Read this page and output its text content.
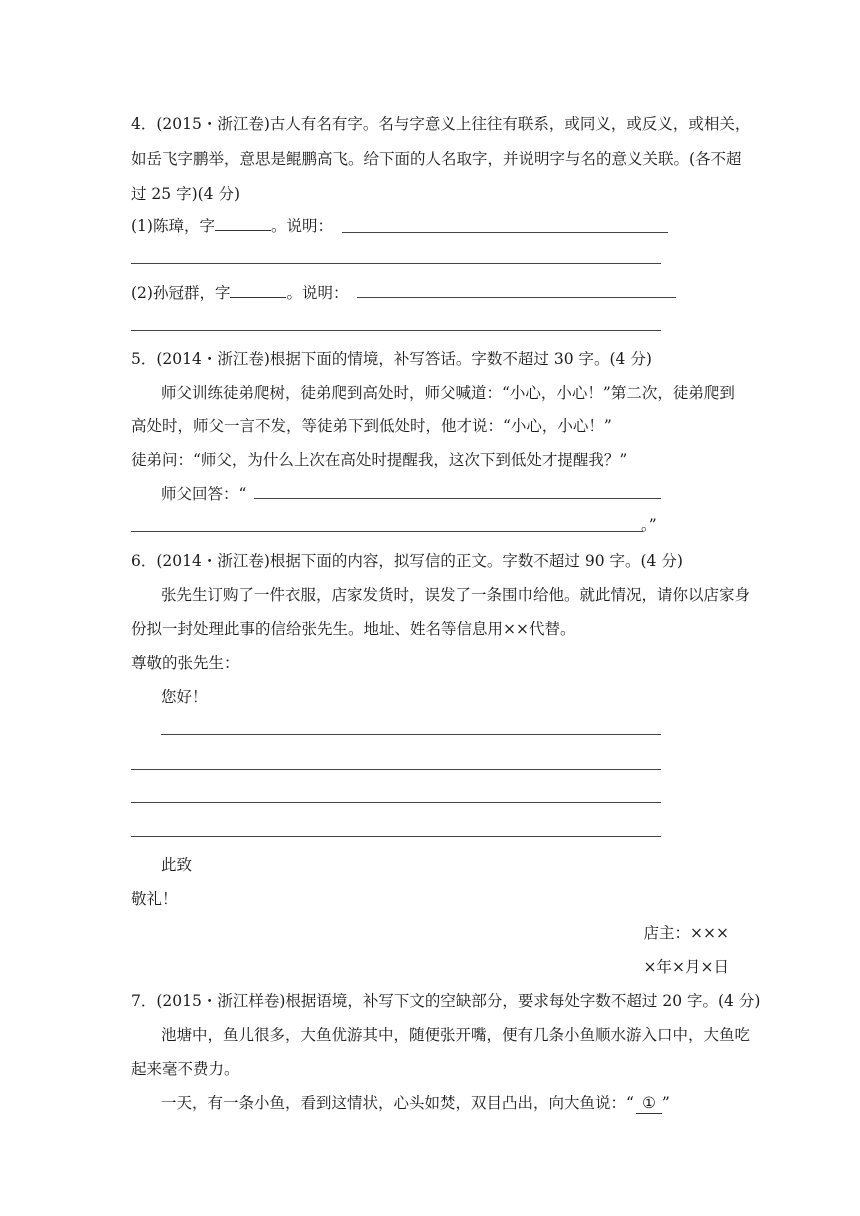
4．(2015・浙江卷)古人有名有字。名与字意义上往往有联系，或同义，或反义，或相关，
如岳飞字鹏举，意思是鲲鹏高飞。给下面的人名取字，并说明字与名的意义关联。(各不超
过 25 字)(4 分)
(1)陈璋，字	。说明：
(2)孙冠群，字	。说明：
5．(2014・浙江卷)根据下面的情境，补写答话。字数不超过 30 字。(4 分)
师父训练徒弟爬树，徒弟爬到高处时，师父喊道：“小心，小心！”第二次，徒弟爬到
高处时，师父一言不发，等徒弟下到低处时，他才说：“小心，小心！”
徒弟问：“师父，为什么上次在高处时提醒我，这次下到低处才提醒我？”
师父回答：“
。”
6．(2014・浙江卷)根据下面的内容，拟写信的正文。字数不超过 90 字。(4 分)
张先生订购了一件衣服，店家发货时，误发了一条围巾给他。就此情况，请你以店家身
份拟一封处理此事的信给张先生。地址、姓名等信息用××代替。
尊敬的张先生：
您好！
此致
敬礼！
店主：×××
×年×月×日
7．(2015・浙江样卷)根据语境，补写下文的空缺部分，要求每处字数不超过 20 字。(4 分)
池塘中，鱼儿很多，大鱼优游其中，随便张开嘴，便有几条小鱼顺水游入口中，大鱼吃
起来毫不费力。
一天，有一条小鱼，看到这情状，心头如焚，双目凸出，向大鱼说：“ ① ”
